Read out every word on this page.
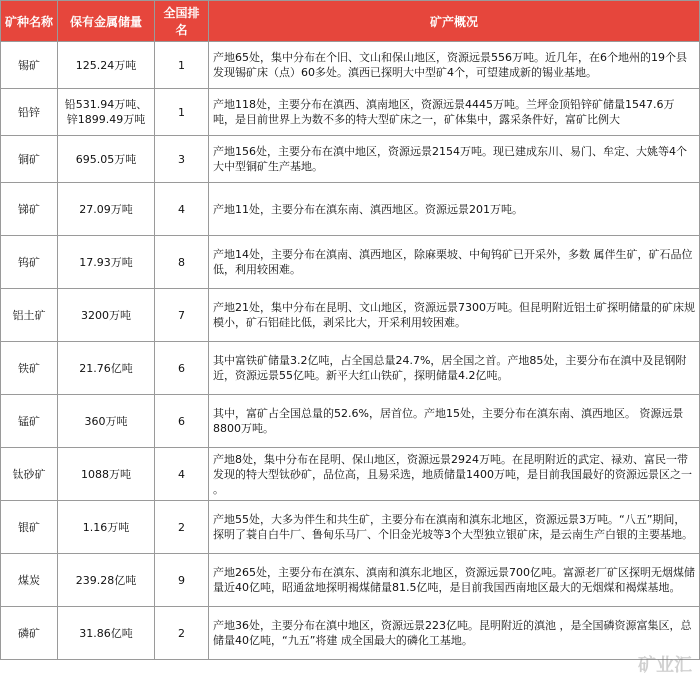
矿种名称	保有金属储量	全国排名	矿产概况
锡矿	125.24万吨	1	产地65处，集中分布在个旧、文山和保山地区，资源远景556万吨。近几年，在6个地州的19个县发现锡矿床（点）60多处。滇西已探明大中型矿4个，可望建成新的锡业基地。
铅锌	铅531.94万吨、锌1899.49万吨	1	产地118处，主要分布在滇西、滇南地区，资源远景4445万吨。兰坪金顶铅锌矿储量1547.6万吨，是目前世界上为数不多的特大型矿床之一，矿体集中，露采条件好，富矿比例大
铜矿	695.05万吨	3	产地156处，主要分布在滇中地区，资源远景2154万吨。现已建成东川、易门、牟定、大姚等4个大中型铜矿生产基地。
锑矿	27.09万吨	4	产地11处，主要分布在滇东南、滇西地区。资源远景201万吨。
钨矿	17.93万吨	8	产地14处，主要分布在滇南、滇西地区，除麻栗坡、中甸钨矿已开采外，多数 属伴生矿，矿石品位低，利用较困难。
铝土矿	3200万吨	7	产地21处，集中分布在昆明、文山地区，资源远景7300万吨。但昆明附近铝土矿探明储量的矿床规模小，矿石铝硅比低，剥采比大，开采利用较困难。
铁矿	21.76亿吨	6	其中富铁矿储量3.2亿吨，占全国总量24.7%，居全国之首。产地85处，主要分布在滇中及昆钢附近，资源远景55亿吨。新平大红山铁矿，探明储量4.2亿吨。
锰矿	360万吨	6	其中，富矿占全国总量的52.6%，居首位。产地15处，主要分布在滇东南、滇西地区。 资源远景8800万吨。
钛砂矿	1088万吨	4	产地8处，集中分布在昆明、保山地区，资源远景2924万吨。在昆明附近的武定、禄劝、富民一带发现的特大型钛砂矿，品位高，且易采选，地质储量1400万吨，是目前我国最好的资源远景区之一 。
银矿	1.16万吨	2	产地55处，大多为伴生和共生矿，主要分布在滇南和滇东北地区，资源远景3万吨。“八五”期间，探明了蓑自白牛厂、鲁甸乐马厂、个旧金光坡等3个大型独立银矿床，是云南生产白银的主要基地。
煤炭	239.28亿吨	9	产地265处，主要分布在滇东、滇南和滇东北地区，资源远景700亿吨。富源老厂矿区探明无烟煤储量近40亿吨，昭通盆地探明褐煤储量81.5亿吨，是目前我国西南地区最大的无烟煤和褐煤基地。
磷矿	31.86亿吨	2	产地36处，主要分布在滇中地区，资源远景223亿吨。昆明附近的滇池 ，是全国磷资源富集区，总储量40亿吨，“九五”将建 成全国最大的磷化工基地。
矿业汇
